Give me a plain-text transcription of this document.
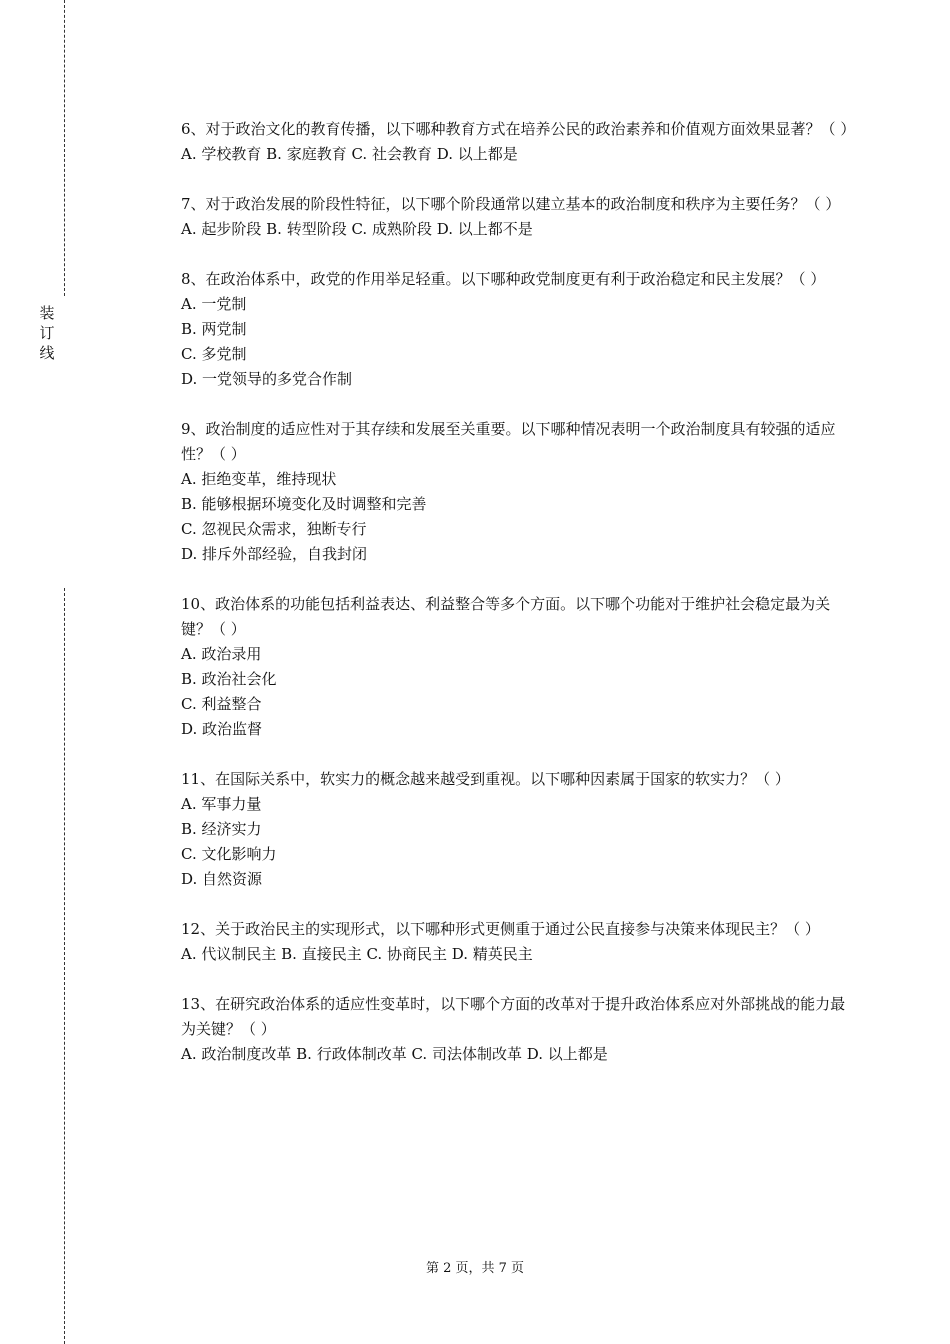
装
订
线

6、对于政治文化的教育传播，以下哪种教育方式在培养公民的政治素养和价值观方面效果显著？（ ）

A. 学校教育 B. 家庭教育 C. 社会教育 D. 以上都是

7、对于政治发展的阶段性特征，以下哪个阶段通常以建立基本的政治制度和秩序为主要任务？（ ）

A. 起步阶段 B. 转型阶段 C. 成熟阶段 D. 以上都不是

8、在政治体系中，政党的作用举足轻重。以下哪种政党制度更有利于政治稳定和民主发展？（ ）

A. 一党制

B. 两党制

C. 多党制

D. 一党领导的多党合作制

9、政治制度的适应性对于其存续和发展至关重要。以下哪种情况表明一个政治制度具有较强的适应性？（ ）

A. 拒绝变革，维持现状

B. 能够根据环境变化及时调整和完善

C. 忽视民众需求，独断专行

D. 排斥外部经验，自我封闭

10、政治体系的功能包括利益表达、利益整合等多个方面。以下哪个功能对于维护社会稳定最为关键？（ ）

A. 政治录用

B. 政治社会化

C. 利益整合

D. 政治监督

11、在国际关系中，软实力的概念越来越受到重视。以下哪种因素属于国家的软实力？（ ）

A. 军事力量

B. 经济实力

C. 文化影响力

D. 自然资源

12、关于政治民主的实现形式，以下哪种形式更侧重于通过公民直接参与决策来体现民主？（ ）

A. 代议制民主 B. 直接民主 C. 协商民主 D. 精英民主

13、在研究政治体系的适应性变革时，以下哪个方面的改革对于提升政治体系应对外部挑战的能力最为关键？（ ）

A. 政治制度改革 B. 行政体制改革 C. 司法体制改革 D. 以上都是

第 2 页，共 7 页
